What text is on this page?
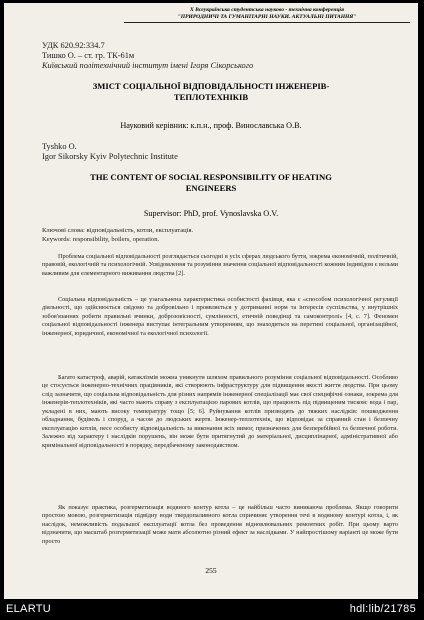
X Всеукраїнська студентська науково - технічна конференція
"ПРИРОДНИЧІ ТА ГУМАНІТАРНІ НАУКИ. АКТУАЛЬНІ ПИТАННЯ"
УДК 620.92:334.7
Тишко О. – ст. гр. ТК-61м
Київський політехнічний інститут імені Ігоря Сікорського
ЗМІСТ СОЦІАЛЬНОЇ ВІДПОВІДАЛЬНОСТІ ІНЖЕНЕРІВ-ТЕПЛОТЕХНІКІВ
Науковий керівник: к.п.н., проф. Винославська О.В.
Tyshko O.
Igor Sikorsky Kyiv Polytechnic Institute
THE CONTENT OF SOCIAL RESPONSIBILITY OF HEATING ENGINEERS
Supervisor: PhD, prof. Vynoslavska O.V.
Ключові слова: відповідальність, котли, експлуатація.
Keywords: responsibility, boilers, operation.
Проблема соціальної відповідальності розглядається сьогодні в усіх сферах людського буття, зокрема економічній, політичній, правовій, екологічній та психологічній. Усвідомлення та розуміння значення соціальної відповідальності кожним індивідом є вельми важливим для елементарного виживання людства [2].
Соціальна відповідальність – це узагальнена характеристика особистості фахівця, яка є «способом психологічної регуляції діяльності, що здійснюється свідомо та добровільно і проявляється у дотриманні норм та інтересів суспільства, у внутрішніх зобов'язаннях робити правильні вчинки, доброзовісності, сумлінності, етичній поведінці та самоконтролі» [4, с. 7]. Феномен соціальної відповідальності інженера виступає інтегральним утворенням, що знаходиться на перетині соціальної, організаційної, інженерної, юридичної, економічної та екологічної психології.
Багато катастроф, аварій, катаклізмів можна уникнути шляхом правильного розуміння соціальної відповідальності. Особливо це стосується інженерно-технічних працівників, які створюють інфраструктуру для підвищення якості життя людства. При цьому слід зазначити, що соціальна відповідальність для різних напрямів інженерної спеціалізації має свої специфічні ознаки, зокрема для інженерів-теплотехніків, які часто мають справу з експлуатацією парових котлів, що працюють під підвищеним тиском: вода і пар, укладені в них, мають високу температуру тощо [5; 6]. Руйнування котлів призводять до тяжких наслідків: пошкодження обладнання, будівель і споруд, а часом до людських жертв. Інженер-теплотехнік, що відповідає за справний стан і безпечну експлуатацію котлів, несе особисту відповідальність за виконання всіх вимог, призначених для безперебійної та безпечної роботи. Залежно від характеру і наслідків порушень, він може бути притягнутий до матеріальної, дисциплінарної, адміністративної або кримінальної відповідальності в порядку, передбаченому законодавством.
Як показує практика, розгерметизація водяного контур котла – це найбільш часто виникаюча проблема. Якщо говорити простою мовою, розгерметизація підвідну води твердопаливного котла спричиняє утворення течі в водяному контурі котла, і, як наслідок, неможливість подальшої експлуатації котла без проведення відновлювальних ремонтних робіт. При цьому варто відзначити, що масштаб розгерметизації може мати абсолютно різний ефект за наслідками. У найпростішому варіанті це може бути просто
255
ELARTU	hdl:lib/21785
